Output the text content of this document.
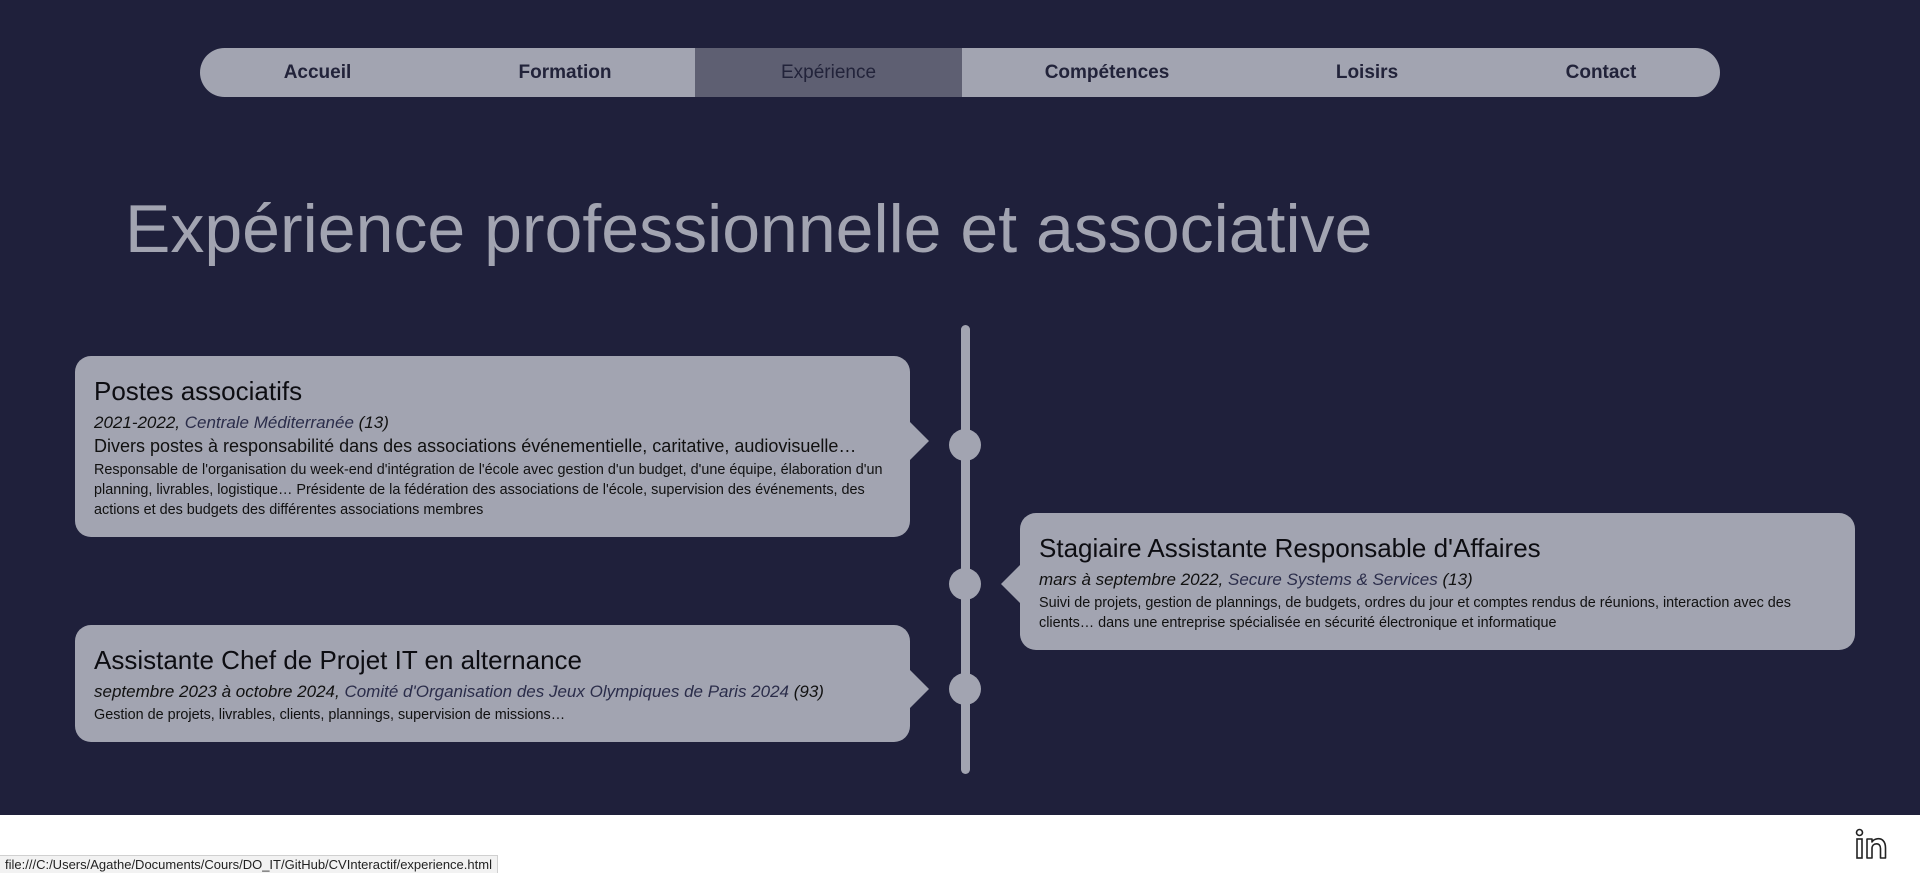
Accueil	Formation	Expérience	Compétences	Loisirs	Contact
Expérience professionnelle et associative
Postes associatifs
2021-2022, Centrale Méditerranée (13)
Divers postes à responsabilité dans des associations événementielle, caritative, audiovisuelle…
Responsable de l'organisation du week-end d'intégration de l'école avec gestion d'un budget, d'une équipe, élaboration d'un planning, livrables, logistique… Présidente de la fédération des associations de l'école, supervision des événements, des actions et des budgets des différentes associations membres
Stagiaire Assistante Responsable d'Affaires
mars à septembre 2022, Secure Systems & Services (13)
Suivi de projets, gestion de plannings, de budgets, ordres du jour et comptes rendus de réunions, interaction avec des clients… dans une entreprise spécialisée en sécurité électronique et informatique
Assistante Chef de Projet IT en alternance
septembre 2023 à octobre 2024, Comité d'Organisation des Jeux Olympiques de Paris 2024 (93)
Gestion de projets, livrables, clients, plannings, supervision de missions…
file:///C:/Users/Agathe/Documents/Cours/DO_IT/GitHub/CVInteractif/experience.html
